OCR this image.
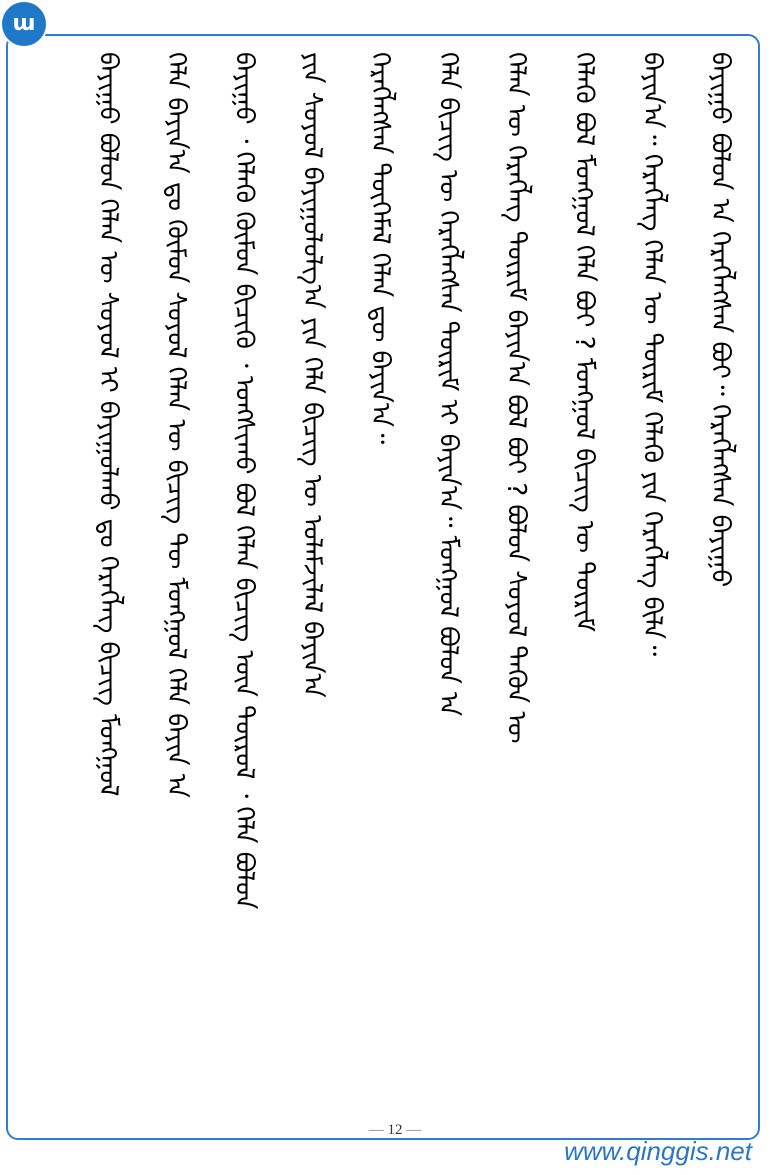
ɯ
ᠪᠠᠶᠢᠭᠤ ᠪᠣᠯᠤᠨ ᠠ ᠬᠡᠷᠡᠭᠯᠡᠭᠰᠡᠨ ᠪᠣᠢ᠃ ᠬᠡᠷᠡᠭᠯᠡᠭᠰᠡᠨ ᠪᠠᠶᠢᠭᠤ
ᠪᠠᠶᠢᠨ᠎ᠠ᠃ ᠬᠡᠷᠡᠭᠯᠡᠭ ᠬᠡᠯᠡᠨ ᠦ ᠳᠦᠷᠢᠮ ᠬᠡᠯᠡᠬᠦ ᠶᠢᠨ ᠬᠡᠷᠡᠭᠯᠡᠭ ᠪᠢᠯᠡ᠃
ᠬᠡᠯᠡᠬᠦ ᠪᠣᠯ ᠮᠣᠩᠭᠣᠯ ᠬᠡᠯᠡ ᠪᠣᠢ ? ᠮᠣᠩᠭᠣᠯ ᠪᠢᠴᠢᠭ ᠦ ᠳᠦᠷᠢᠮ
ᠬᠡᠯᠡᠨ ᠦ ᠬᠡᠷᠡᠭᠯᠡᠭ ᠳᠦᠷᠢᠮ ᠪᠠᠶᠢᠨ᠎ᠠ ᠪᠣᠯ ᠪᠣᠢ ? ᠪᠣᠯᠤᠨ ᠰᠣᠶᠣᠯ ᠲᠡᠭᠦᠨ ᠦ
ᠬᠡᠯᠡ ᠪᠢᠴᠢᠭ ᠦ ᠬᠡᠷᠡᠭᠯᠡᠭᠰᠡᠨ ᠳᠦᠷᠢᠮ ᠢ ᠪᠠᠶᠢᠨ᠎ᠠ᠃ ᠮᠣᠩᠭᠣᠯ ᠪᠣᠯᠤᠨ ᠠ
ᠬᠡᠷᠡᠭᠯᠡᠭᠰᠡᠨ ᠲᠦᠭᠡᠮᠡᠯ ᠬᠡᠯᠡᠨ ᠳᠦ ᠪᠠᠶᠢᠨ᠎ᠠ᠃
ᠶᠢᠨ ᠰᠣᠶᠣᠯ ᠪᠠᠶᠢᠭᠤᠯᠤᠯᠭ᠎ᠠ ᠶᠢᠨ ᠬᠡᠯᠡ ᠪᠢᠴᠢᠭ ᠦ ᠤᠯᠠᠮᠵᠢᠯᠠᠯ ᠪᠠᠶᠢᠨ᠎ᠠ
ᠪᠠᠶᠢᠭᠤ ᠂ ᠬᠡᠯᠡᠬᠦ ᠬᠦᠮᠦᠨ ᠪᠢᠴᠢᠬᠦ ᠂ ᠤᠩᠰᠢᠬᠤ ᠪᠣᠯ ᠬᠡᠯᠡᠨ ᠪᠢᠴᠢᠭ ᠦᠨ ᠲᠦᠷᠦᠯ ᠂ ᠬᠡᠯᠡ ᠪᠣᠯᠤᠨ
ᠬᠡᠯᠡ ᠪᠠᠶᠢᠨ᠎ᠠ ᠳᠤ ᠬᠦᠮᠦᠨ ᠰᠣᠶᠣᠯ ᠬᠡᠯᠡᠨ ᠦ ᠪᠢᠴᠢᠭ ᠲᠦ ᠮᠣᠩᠭᠣᠯ ᠬᠡᠯᠡ ᠪᠠᠶᠢᠨ ᠠ
ᠪᠠᠶᠢᠭᠤ ᠪᠣᠯᠤᠨ ᠬᠡᠯᠡᠨ ᠦ ᠰᠣᠶᠣᠯ ᠢ ᠪᠠᠶᠢᠭᠤᠯᠬᠤ ᠳᠤ ᠬᠡᠷᠡᠭᠯᠡᠭ ᠪᠢᠴᠢᠭ ᠮᠣᠩᠭᠣᠯ
— 12 —
www.qinggis.net
